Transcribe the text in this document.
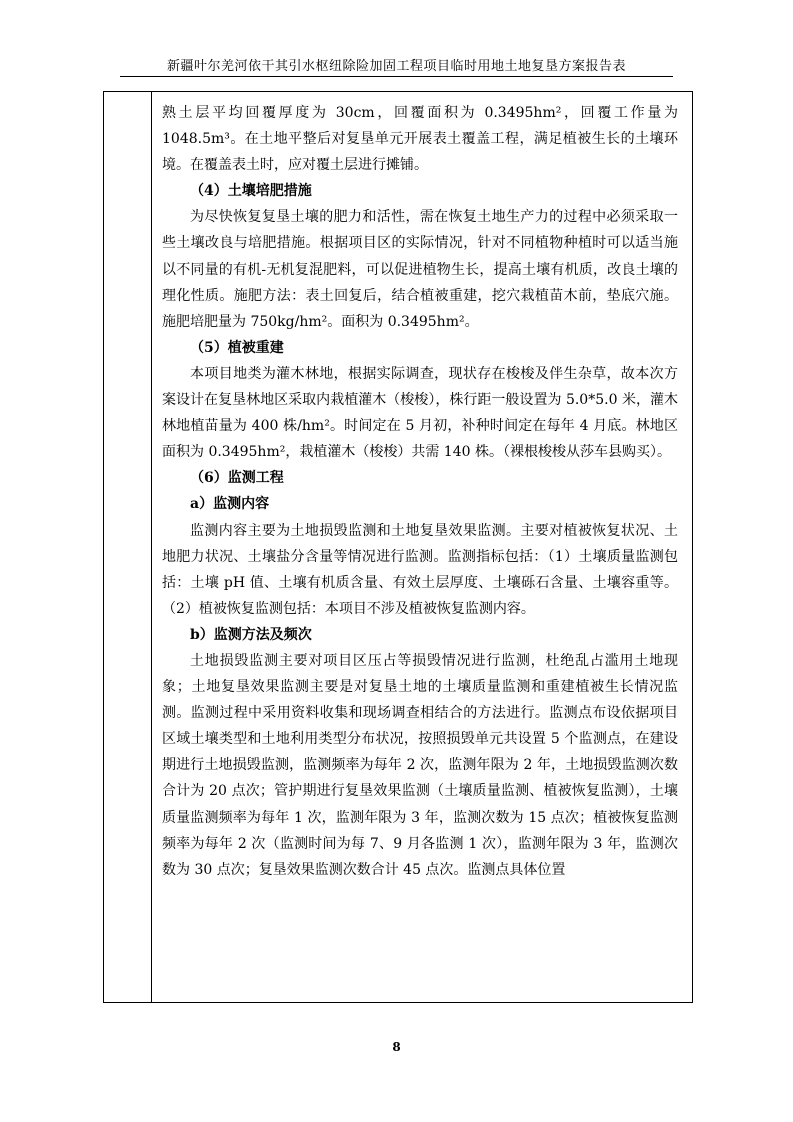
新疆叶尔羌河依干其引水枢纽除险加固工程项目临时用地土地复垦方案报告表

熟土层平均回覆厚度为 30cm，回覆面积为 0.3495hm²，回覆工作量为 1048.5m³。在土地平整后对复垦单元开展表土覆盖工程，满足植被生长的土壤环境。在覆盖表土时，应对覆土层进行摊铺。

（4）土壤培肥措施

为尽快恢复复垦土壤的肥力和活性，需在恢复土地生产力的过程中必须采取一些土壤改良与培肥措施。根据项目区的实际情况，针对不同植物种植时可以适当施以不同量的有机-无机复混肥料，可以促进植物生长，提高土壤有机质，改良土壤的理化性质。施肥方法：表土回复后，结合植被重建，挖穴栽植苗木前，垫底穴施。施肥培肥量为 750kg/hm²。面积为 0.3495hm²。

（5）植被重建

本项目地类为灌木林地，根据实际调查，现状存在梭梭及伴生杂草，故本次方案设计在复垦林地区采取内栽植灌木（梭梭），株行距一般设置为 5.0*5.0 米，灌木林地植苗量为 400 株/hm²。时间定在 5 月初，补种时间定在每年 4 月底。林地区面积为 0.3495hm²，栽植灌木（梭梭）共需 140 株。（裸根梭梭从莎车县购买）。

（6）监测工程

a）监测内容

监测内容主要为土地损毁监测和土地复垦效果监测。主要对植被恢复状况、土地肥力状况、土壤盐分含量等情况进行监测。监测指标包括：（1）土壤质量监测包括：土壤 pH 值、土壤有机质含量、有效土层厚度、土壤砾石含量、土壤容重等。（2）植被恢复监测包括：本项目不涉及植被恢复监测内容。

b）监测方法及频次

土地损毁监测主要对项目区压占等损毁情况进行监测，杜绝乱占滥用土地现象；土地复垦效果监测主要是对复垦土地的土壤质量监测和重建植被生长情况监测。监测过程中采用资料收集和现场调查相结合的方法进行。监测点布设依据项目区域土壤类型和土地利用类型分布状况，按照损毁单元共设置 5 个监测点，在建设期进行土地损毁监测，监测频率为每年 2 次，监测年限为 2 年，土地损毁监测次数合计为 20 点次；管护期进行复垦效果监测（土壤质量监测、植被恢复监测），土壤质量监测频率为每年 1 次，监测年限为 3 年，监测次数为 15 点次；植被恢复监测频率为每年 2 次（监测时间为每 7、9 月各监测 1 次），监测年限为 3 年，监测次数为 30 点次；复垦效果监测次数合计 45 点次。监测点具体位置

8
